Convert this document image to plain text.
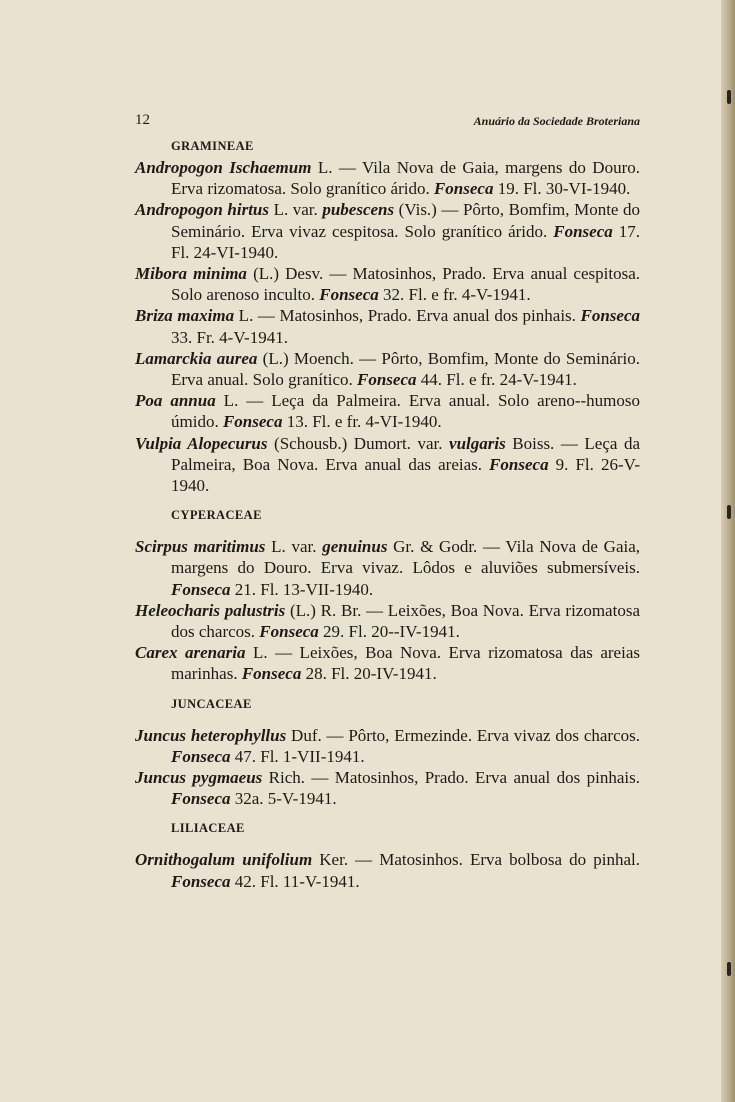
12	Anuário da Sociedade Broteriana
GRAMINEAE

Andropogon Ischaemum L. — Vila Nova de Gaia, margens do Douro. Erva rizomatosa. Solo granítico árido. Fonseca 19. Fl. 30-VI-1940.

Andropogon hirtus L. var. pubescens (Vis.) — Pôrto, Bomfim, Monte do Seminário. Erva vivaz cespitosa. Solo granítico árido. Fonseca 17. Fl. 24-VI-1940.

Mibora minima (L.) Desv. — Matosinhos, Prado. Erva anual cespitosa. Solo arenoso inculto. Fonseca 32. Fl. e fr. 4-V-1941.

Briza maxima L. — Matosinhos, Prado. Erva anual dos pinhais. Fonseca 33. Fr. 4-V-1941.

Lamarckia aurea (L.) Moench. — Pôrto, Bomfim, Monte do Seminário. Erva anual. Solo granítico. Fonseca 44. Fl. e fr. 24-V-1941.

Poa annua L. — Leça da Palmeira. Erva anual. Solo areno--humoso úmido. Fonseca 13. Fl. e fr. 4-VI-1940.

Vulpia Alopecurus (Schousb.) Dumort. var. vulgaris Boiss. — Leça da Palmeira, Boa Nova. Erva anual das areias. Fonseca 9. Fl. 26-V-1940.

CYPERACEAE

Scirpus maritimus L. var. genuinus Gr. & Godr. — Vila Nova de Gaia, margens do Douro. Erva vivaz. Lôdos e aluviões submersíveis. Fonseca 21. Fl. 13-VII-1940.

Heleocharis palustris (L.) R. Br. — Leixões, Boa Nova. Erva rizomatosa dos charcos. Fonseca 29. Fl. 20--IV-1941.

Carex arenaria L. — Leixões, Boa Nova. Erva rizomatosa das areias marinhas. Fonseca 28. Fl. 20-IV-1941.

JUNCACEAE

Juncus heterophyllus Duf. — Pôrto, Ermezinde. Erva vivaz dos charcos. Fonseca 47. Fl. 1-VII-1941.

Juncus pygmaeus Rich. — Matosinhos, Prado. Erva anual dos pinhais. Fonseca 32a. 5-V-1941.

LILIACEAE

Ornithogalum unifolium Ker. — Matosinhos. Erva bolbosa do pinhal. Fonseca 42. Fl. 11-V-1941.
